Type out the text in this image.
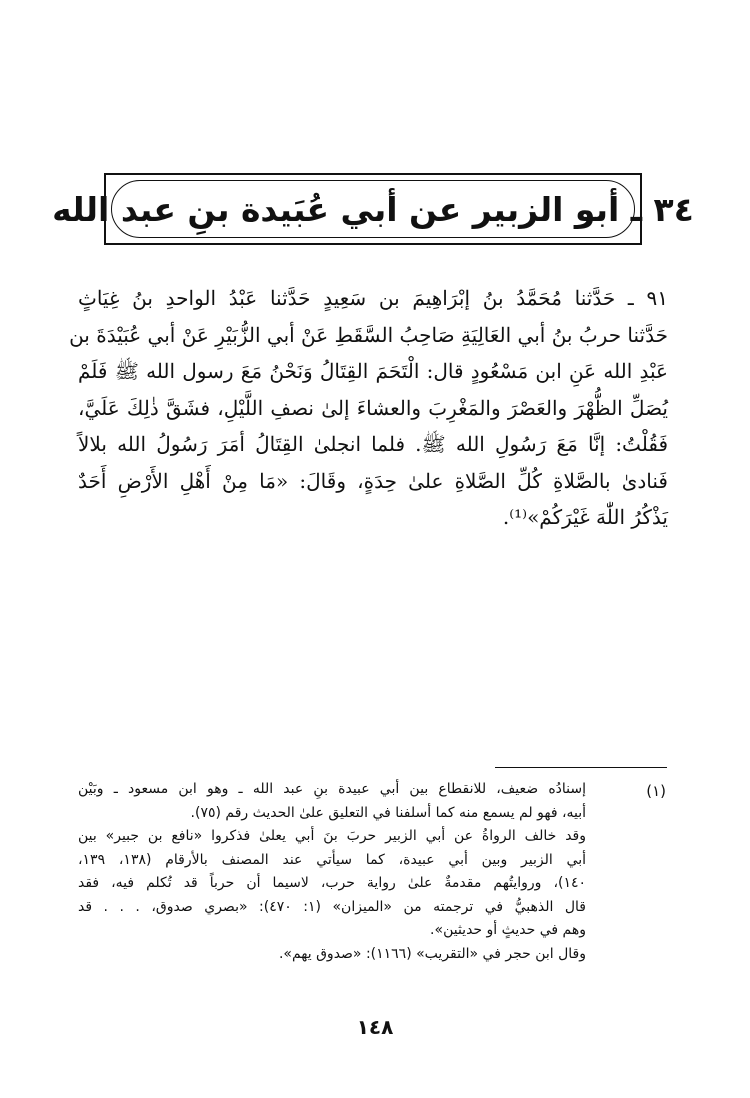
٣٤ ـ أبو الزبير عن أبي عُبَيدة بنِ عبد الله
٩١ ـ حَدَّثنا مُحَمَّدُ بنُ إبْرَاهِيمَ بن سَعِيدٍ حَدَّثنا عَبْدُ الواحدِ بنُ غِيَاثٍ
حَدَّثنا حربُ بنُ أبي العَالِيَةِ صَاحِبُ السَّقَطِ عَنْ أبي الزُّبَيْرِ عَنْ أبي عُبَيْدَةَ بن
عَبْدِ الله عَنِ ابن مَسْعُودٍ قال: الْتَحَمَ القِتَالُ وَنَحْنُ مَعَ رسول الله ﷺ فَلَمْ
يُصَلِّ الظُّهْرَ والعَصْرَ والمَغْرِبَ والعشاءَ إلىٰ نصفِ اللَّيْلِ، فشَقَّ ذٰلِكَ عَلَيَّ،
فَقُلْتُ: إنَّا مَعَ رَسُولِ الله ﷺ. فلما انجلىٰ القِتَالُ أمَرَ رَسُولُ الله بلالاً
فَنادىٰ بالصَّلاةِ كُلِّ الصَّلاةِ علىٰ حِدَةٍ، وقَالَ: «مَا مِنْ أَهْلِ الأَرْضِ أَحَدٌ
يَذْكُرُ اللّٰهَ غَيْرَكُمْ»⁽¹⁾.
(١)
إسنادُه ضعيف، للانقطاع بين أبي عبيدة بنِ عبد الله ـ وهو ابن مسعود ـ وبَيْن
أبيه، فهو لم يسمع منه كما أسلفنا في التعليق علىٰ الحديث رقم (٧٥).
وقد خالف الرواةُ عن أبي الزبير حربَ بنَ أبي يعلىٰ فذكروا «نافع بن جبير» بين
أبي الزبير وبين أبي عبيدة، كما سيأتي عند المصنف بالأرقام (١٣٨، ١٣٩،
١٤٠)، وروايتُهم مقدمةٌ علىٰ رواية حرب، لاسيما أن حرباً قد تُكلم فيه، فقد
قال الذهبيُّ في ترجمته من «الميزان» (١: ٤٧٠): «بصري صدوق، . . . قد
وهم في حديثٍ أو حديثين».
وقال ابن حجر في «التقريب» (١١٦٦): «صدوق يهم».
١٤٨
